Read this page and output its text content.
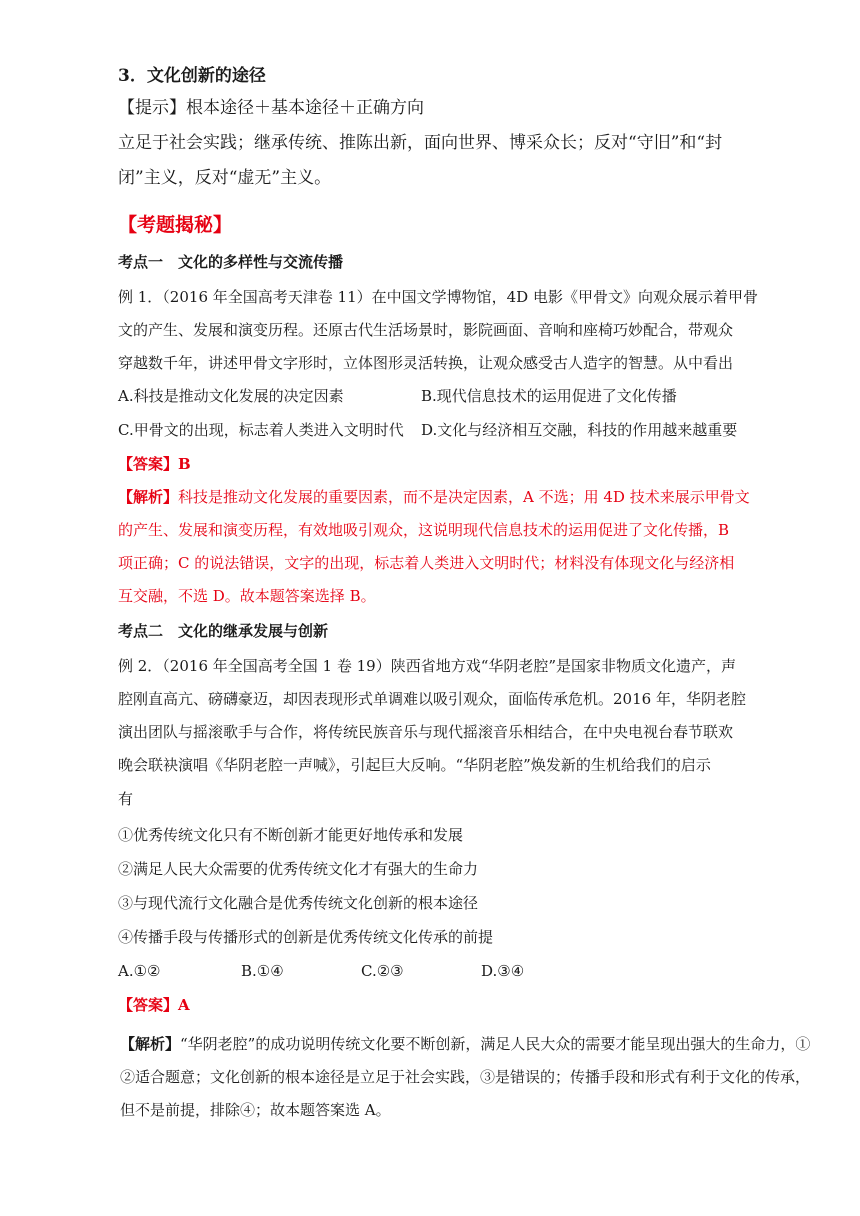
3．文化创新的途径
【提示】根本途径＋基本途径＋正确方向
立足于社会实践；继承传统、推陈出新，面向世界、博采众长；反对“守旧”和“封
闭”主义，反对“虚无”主义。
【考题揭秘】
考点一　文化的多样性与交流传播
例 1．（2016 年全国高考天津卷 11）在中国文学博物馆，4D 电影《甲骨文》向观众展示着甲骨
文的产生、发展和演变历程。还原古代生活场景时，影院画面、音响和座椅巧妙配合，带观众
穿越数千年，讲述甲骨文字形时，立体图形灵活转换，让观众感受古人造字的智慧。从中看出
A.科技是推动文化发展的决定因素	B.现代信息技术的运用促进了文化传播
C.甲骨文的出现，标志着人类进入文明时代 D.文化与经济相互交融，科技的作用越来越重要
【答案】B
【解析】科技是推动文化发展的重要因素，而不是决定因素，A 不选；用 4D 技术来展示甲骨文
的产生、发展和演变历程，有效地吸引观众，这说明现代信息技术的运用促进了文化传播，B
项正确；C 的说法错误，文字的出现，标志着人类进入文明时代；材料没有体现文化与经济相
互交融，不选 D。故本题答案选择 B。
考点二　文化的继承发展与创新
例 2．（2016 年全国高考全国 1 卷 19）陕西省地方戏“华阴老腔”是国家非物质文化遗产，声
腔刚直高亢、磅礴豪迈，却因表现形式单调难以吸引观众，面临传承危机。2016 年，华阴老腔
演出团队与摇滚歌手与合作，将传统民族音乐与现代摇滚音乐相结合，在中央电视台春节联欢
晚会联袂演唱《华阴老腔一声喊》，引起巨大反响。“华阴老腔”焕发新的生机给我们的启示
有
①优秀传统文化只有不断创新才能更好地传承和发展
②满足人民大众需要的优秀传统文化才有强大的生命力
③与现代流行文化融合是优秀传统文化创新的根本途径
④传播手段与传播形式的创新是优秀传统文化传承的前提
A.①②	B.①④	C.②③	D.③④
【答案】A
【解析】“华阴老腔”的成功说明传统文化要不断创新，满足人民大众的需要才能呈现出强大的生命力，①
②适合题意；文化创新的根本途径是立足于社会实践，③是错误的；传播手段和形式有利于文化的传承，
但不是前提，排除④；故本题答案选 A。
